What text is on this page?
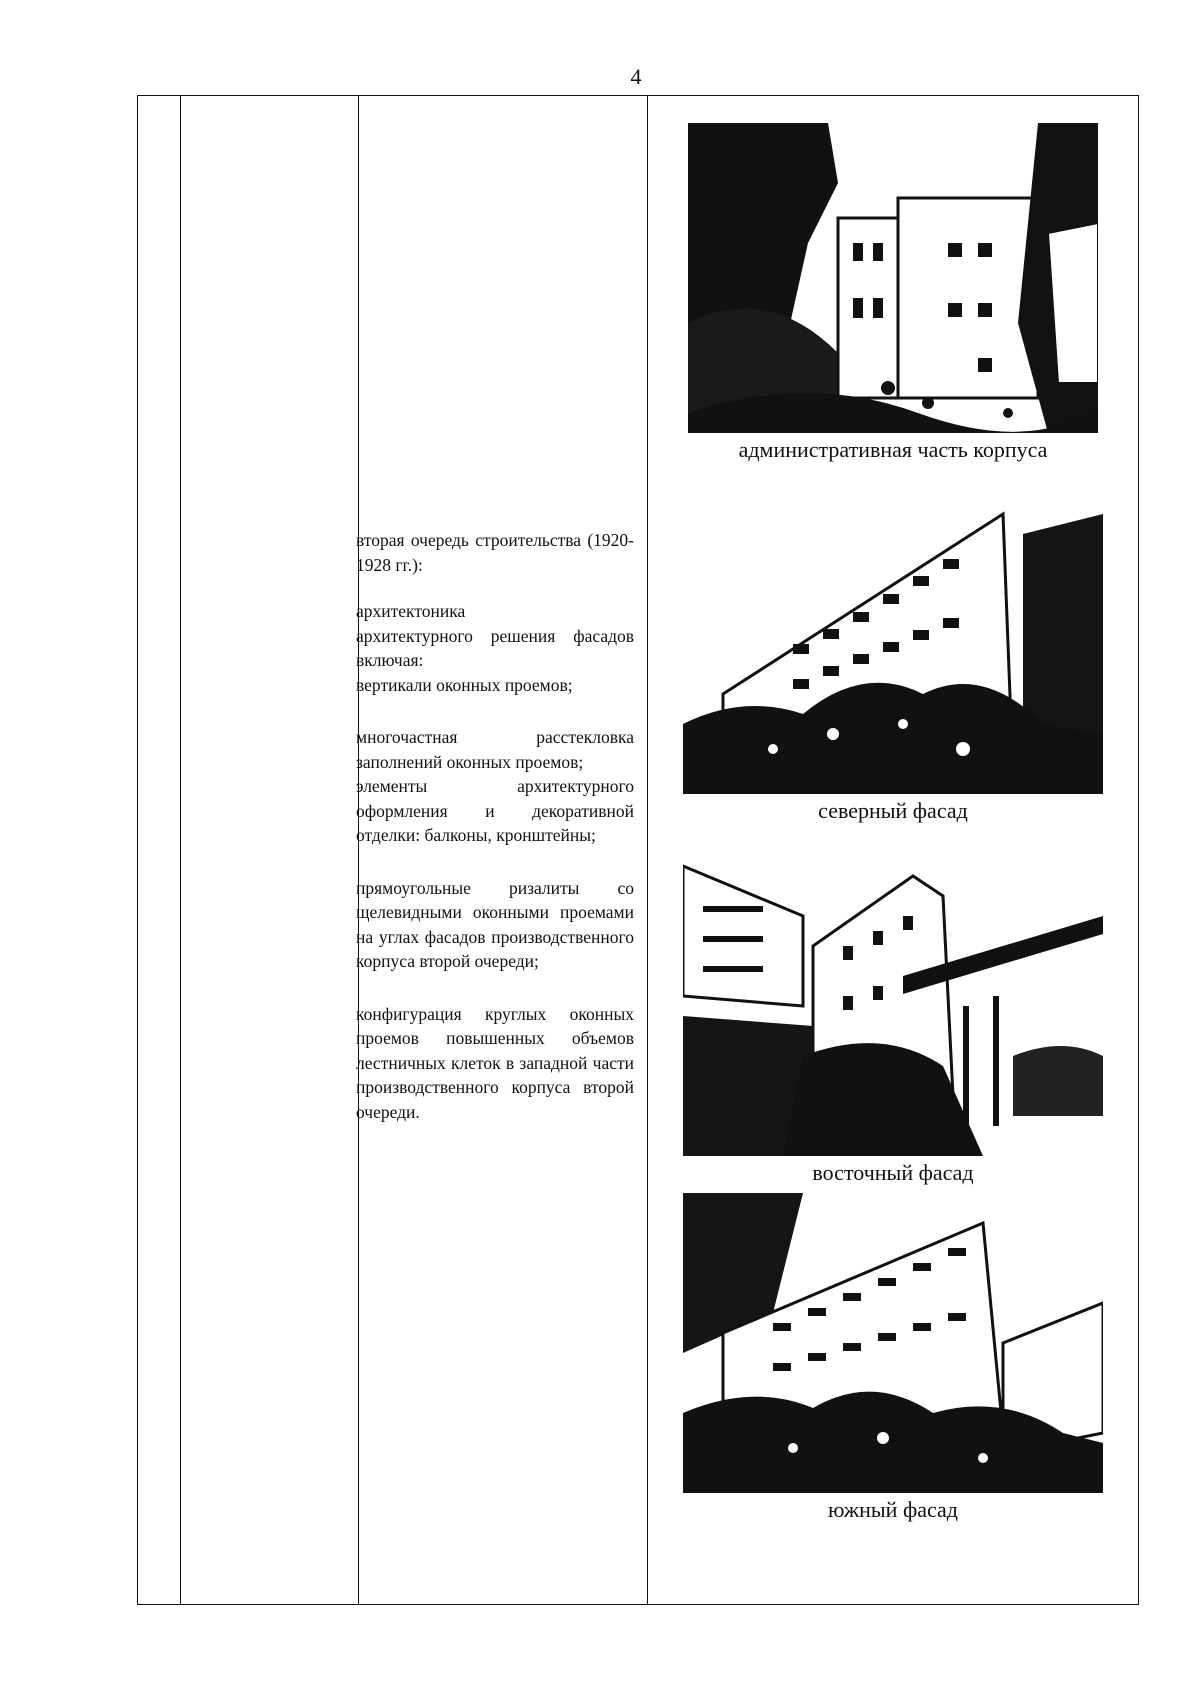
4

вторая очередь строительства (1920-1928 гг.):

архитектоника
архитектурного решения фасадов включая:
вертикали оконных проемов;

многочастная расстекловка заполнений оконных проемов;
элементы архитектурного оформления и декоративной отделки: балконы, кронштейны;

прямоугольные ризалиты со щелевидными оконными проемами на углах фасадов производственного корпуса второй очереди;

конфигурация круглых оконных проемов повышенных объемов лестничных клеток в западной части производственного корпуса второй очереди.

административная часть корпуса
северный фасад
восточный фасад
южный фасад
